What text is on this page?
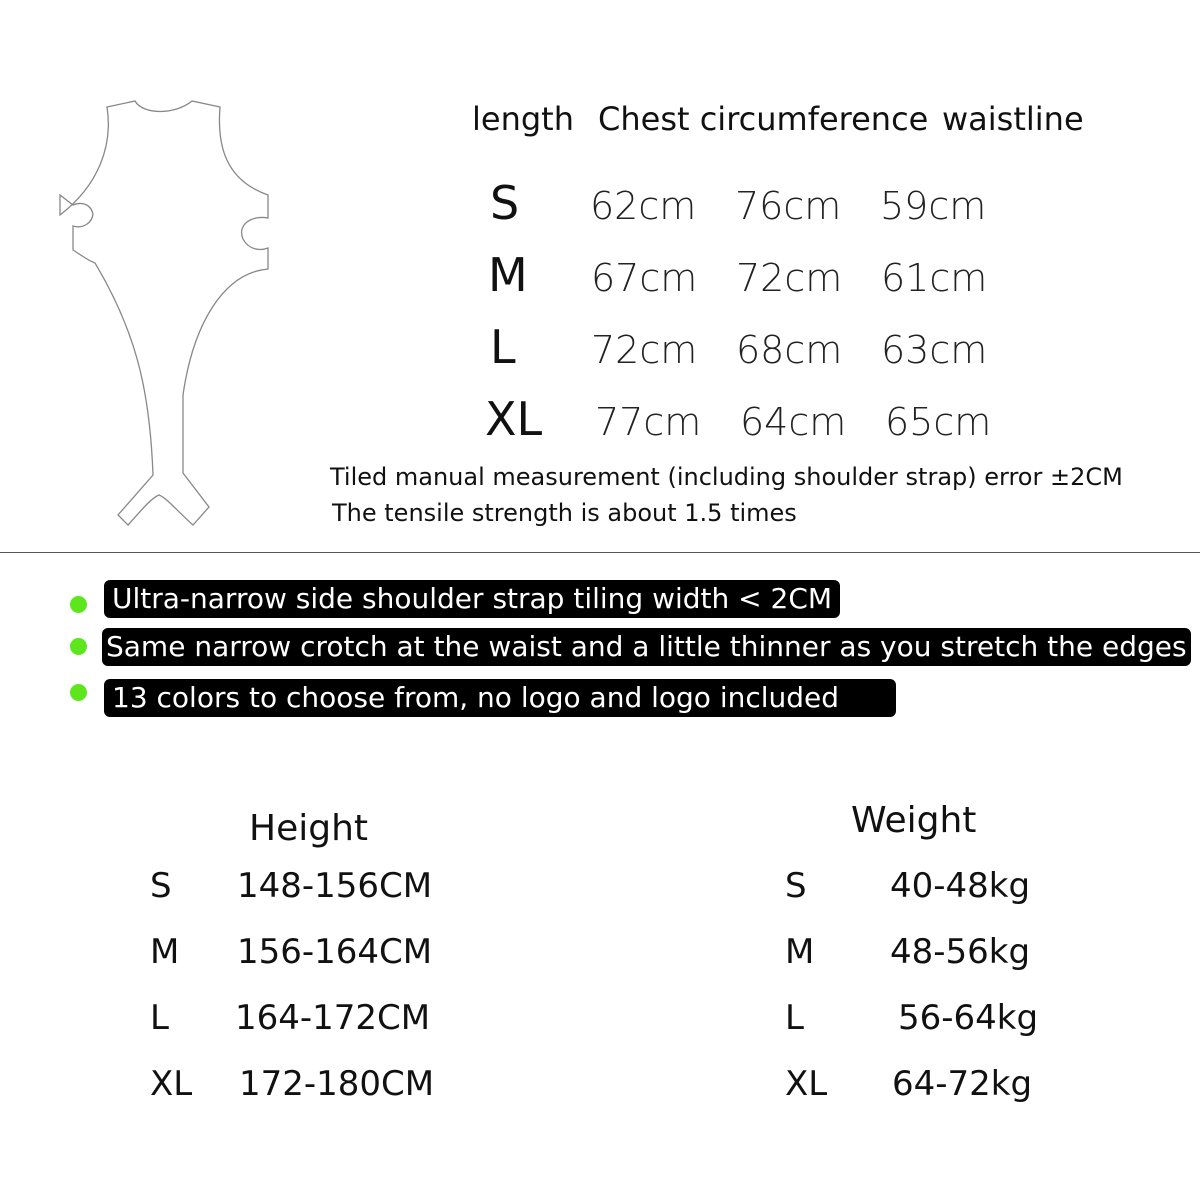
length Chest circumference waistline
S 62cm 76cm 59cm
M 67cm 72cm 61cm
L 72cm 68cm 63cm
XL 77cm 64cm 65cm
Tiled manual measurement (including shoulder strap) error ±2CM
The tensile strength is about 1.5 times
Ultra-narrow side shoulder strap tiling width < 2CM
Same narrow crotch at the waist and a little thinner as you stretch the edges
13 colors to choose from, no logo and logo included
Height
S 148-156CM
M 156-164CM
L 164-172CM
XL 172-180CM
Weight
S 40-48kg
M 48-56kg
L	56-64kg
XL 64-72kg
